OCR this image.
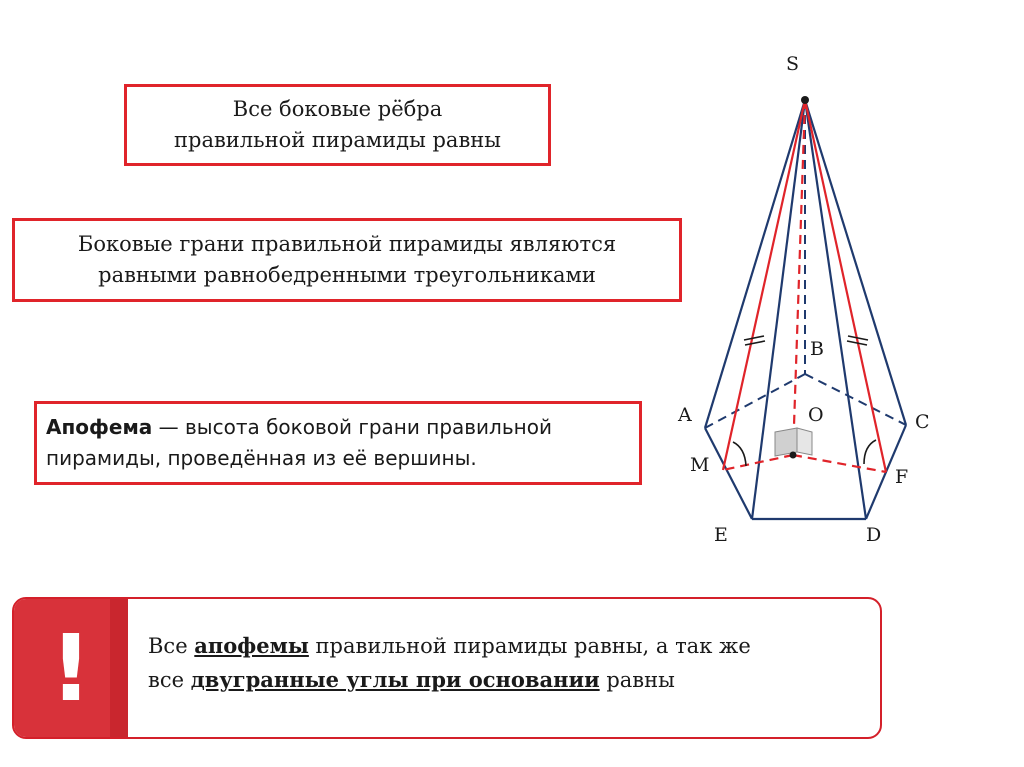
Все боковые рёбра
правильной пирамиды равны
Боковые грани правильной пирамиды являются
равными равнобедренными треугольниками
Апофема — высота боковой грани правильной
пирамиды, проведённая из её вершины.
!	Все апофемы правильной пирамиды равны, а так же
все двугранные углы при основании равны
S
B
A	O	C
M
F
E	D
